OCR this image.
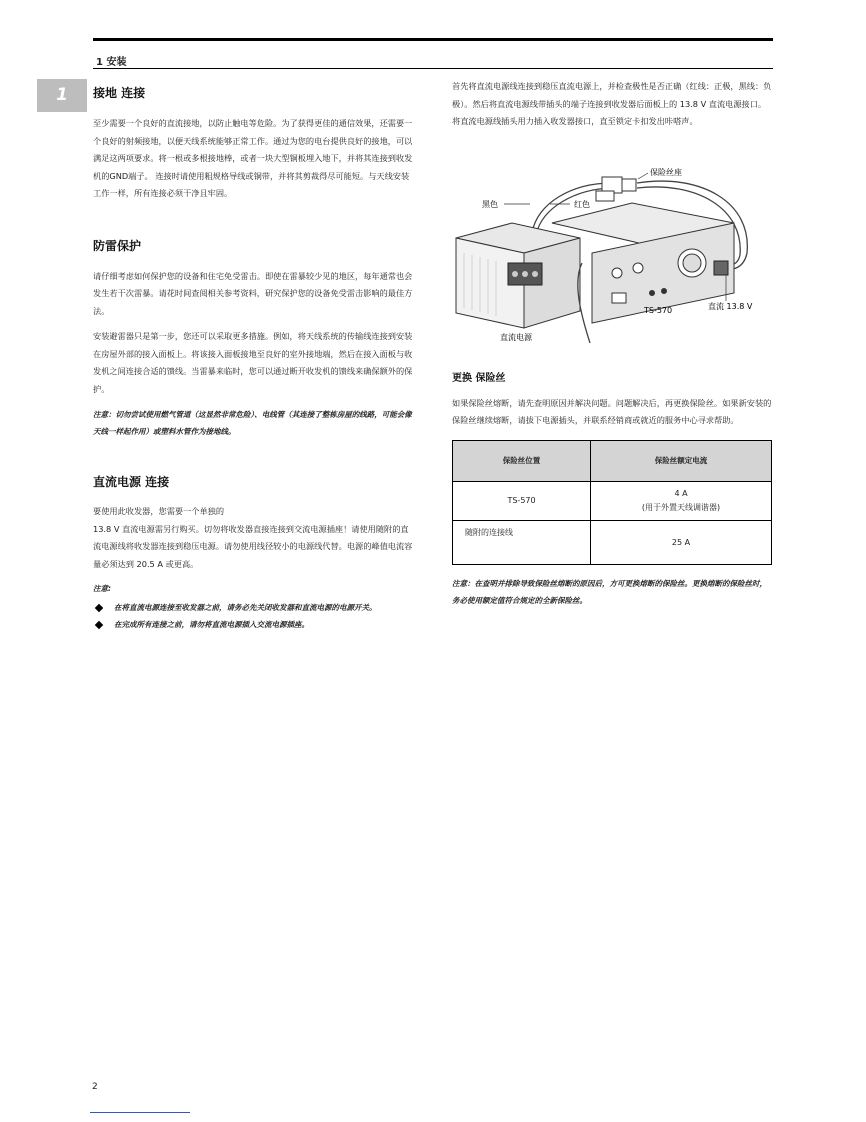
1 安装
1	接地 连接

至少需要一个良好的直流接地，以防止触电等危险。为了获得更佳的通信效果，还需要一个良好的射频接地，以便天线系统能够正常工作。通过为您的电台提供良好的接地，可以满足这两项要求。将一根或多根接地棒，或者一块大型铜板埋入地下，并将其连接到收发机的GND端子。 连接时请使用粗规格导线或铜带，并将其剪裁得尽可能短。与天线安装工作一样，所有连接必须干净且牢固。

防雷保护

请仔细考虑如何保护您的设备和住宅免受雷击。即使在雷暴较少见的地区，每年通常也会发生若干次雷暴。请花时间查阅相关参考资料，研究保护您的设备免受雷击影响的最佳方法。

安装避雷器只是第一步，您还可以采取更多措施。例如，将天线系统的传输线连接到安装在房屋外部的接入面板上。将该接入面板接地至良好的室外接地端，然后在接入面板与收发机之间连接合适的馈线。当雷暴来临时，您可以通过断开收发机的馈线来确保额外的保护。

注意：切勿尝试使用燃气管道（这显然非常危险）、电线管（其连接了整栋房屋的线路，可能会像天线一样起作用）或塑料水管作为接地线。

直流电源 连接

要使用此收发器，您需要一个单独的

13.8 V 直流电源需另行购买。切勿将收发器直接连接到交流电源插座！请使用随附的直流电源线将收发器连接到稳压电源。请勿使用线径较小的电源线代替。电源的峰值电流容量必须达到 20.5 A 或更高。

注意:

在将直流电源连接至收发器之前，请务必先关闭收发器和直流电源的电源开关。
在完成所有连接之前，请勿将直流电源插入交流电源插座。

首先将直流电源线连接到稳压直流电源上，并检查极性是否正确（红线：正极，黑线：负极）。然后将直流电源线带插头的端子连接到收发器后面板上的 13.8 V 直流电源接口。将直流电源线插头用力插入收发器接口，直至锁定卡扣发出咔嗒声。

保险丝座
黑色	红色
直流电源
TS-570	直流 13.8 V
更换 保险丝

如果保险丝熔断，请先查明原因并解决问题。问题解决后，再更换保险丝。如果新安装的保险丝继续熔断，请拔下电源插头，并联系经销商或就近的服务中心寻求帮助。

保险丝位置	保险丝额定电流
TS-570	4 A
(用于外置天线调谐器)

随附的连接线	25 A

注意：在查明并排除导致保险丝熔断的原因后，方可更换熔断的保险丝。更换熔断的保险丝时，务必使用额定值符合规定的全新保险丝。

2
